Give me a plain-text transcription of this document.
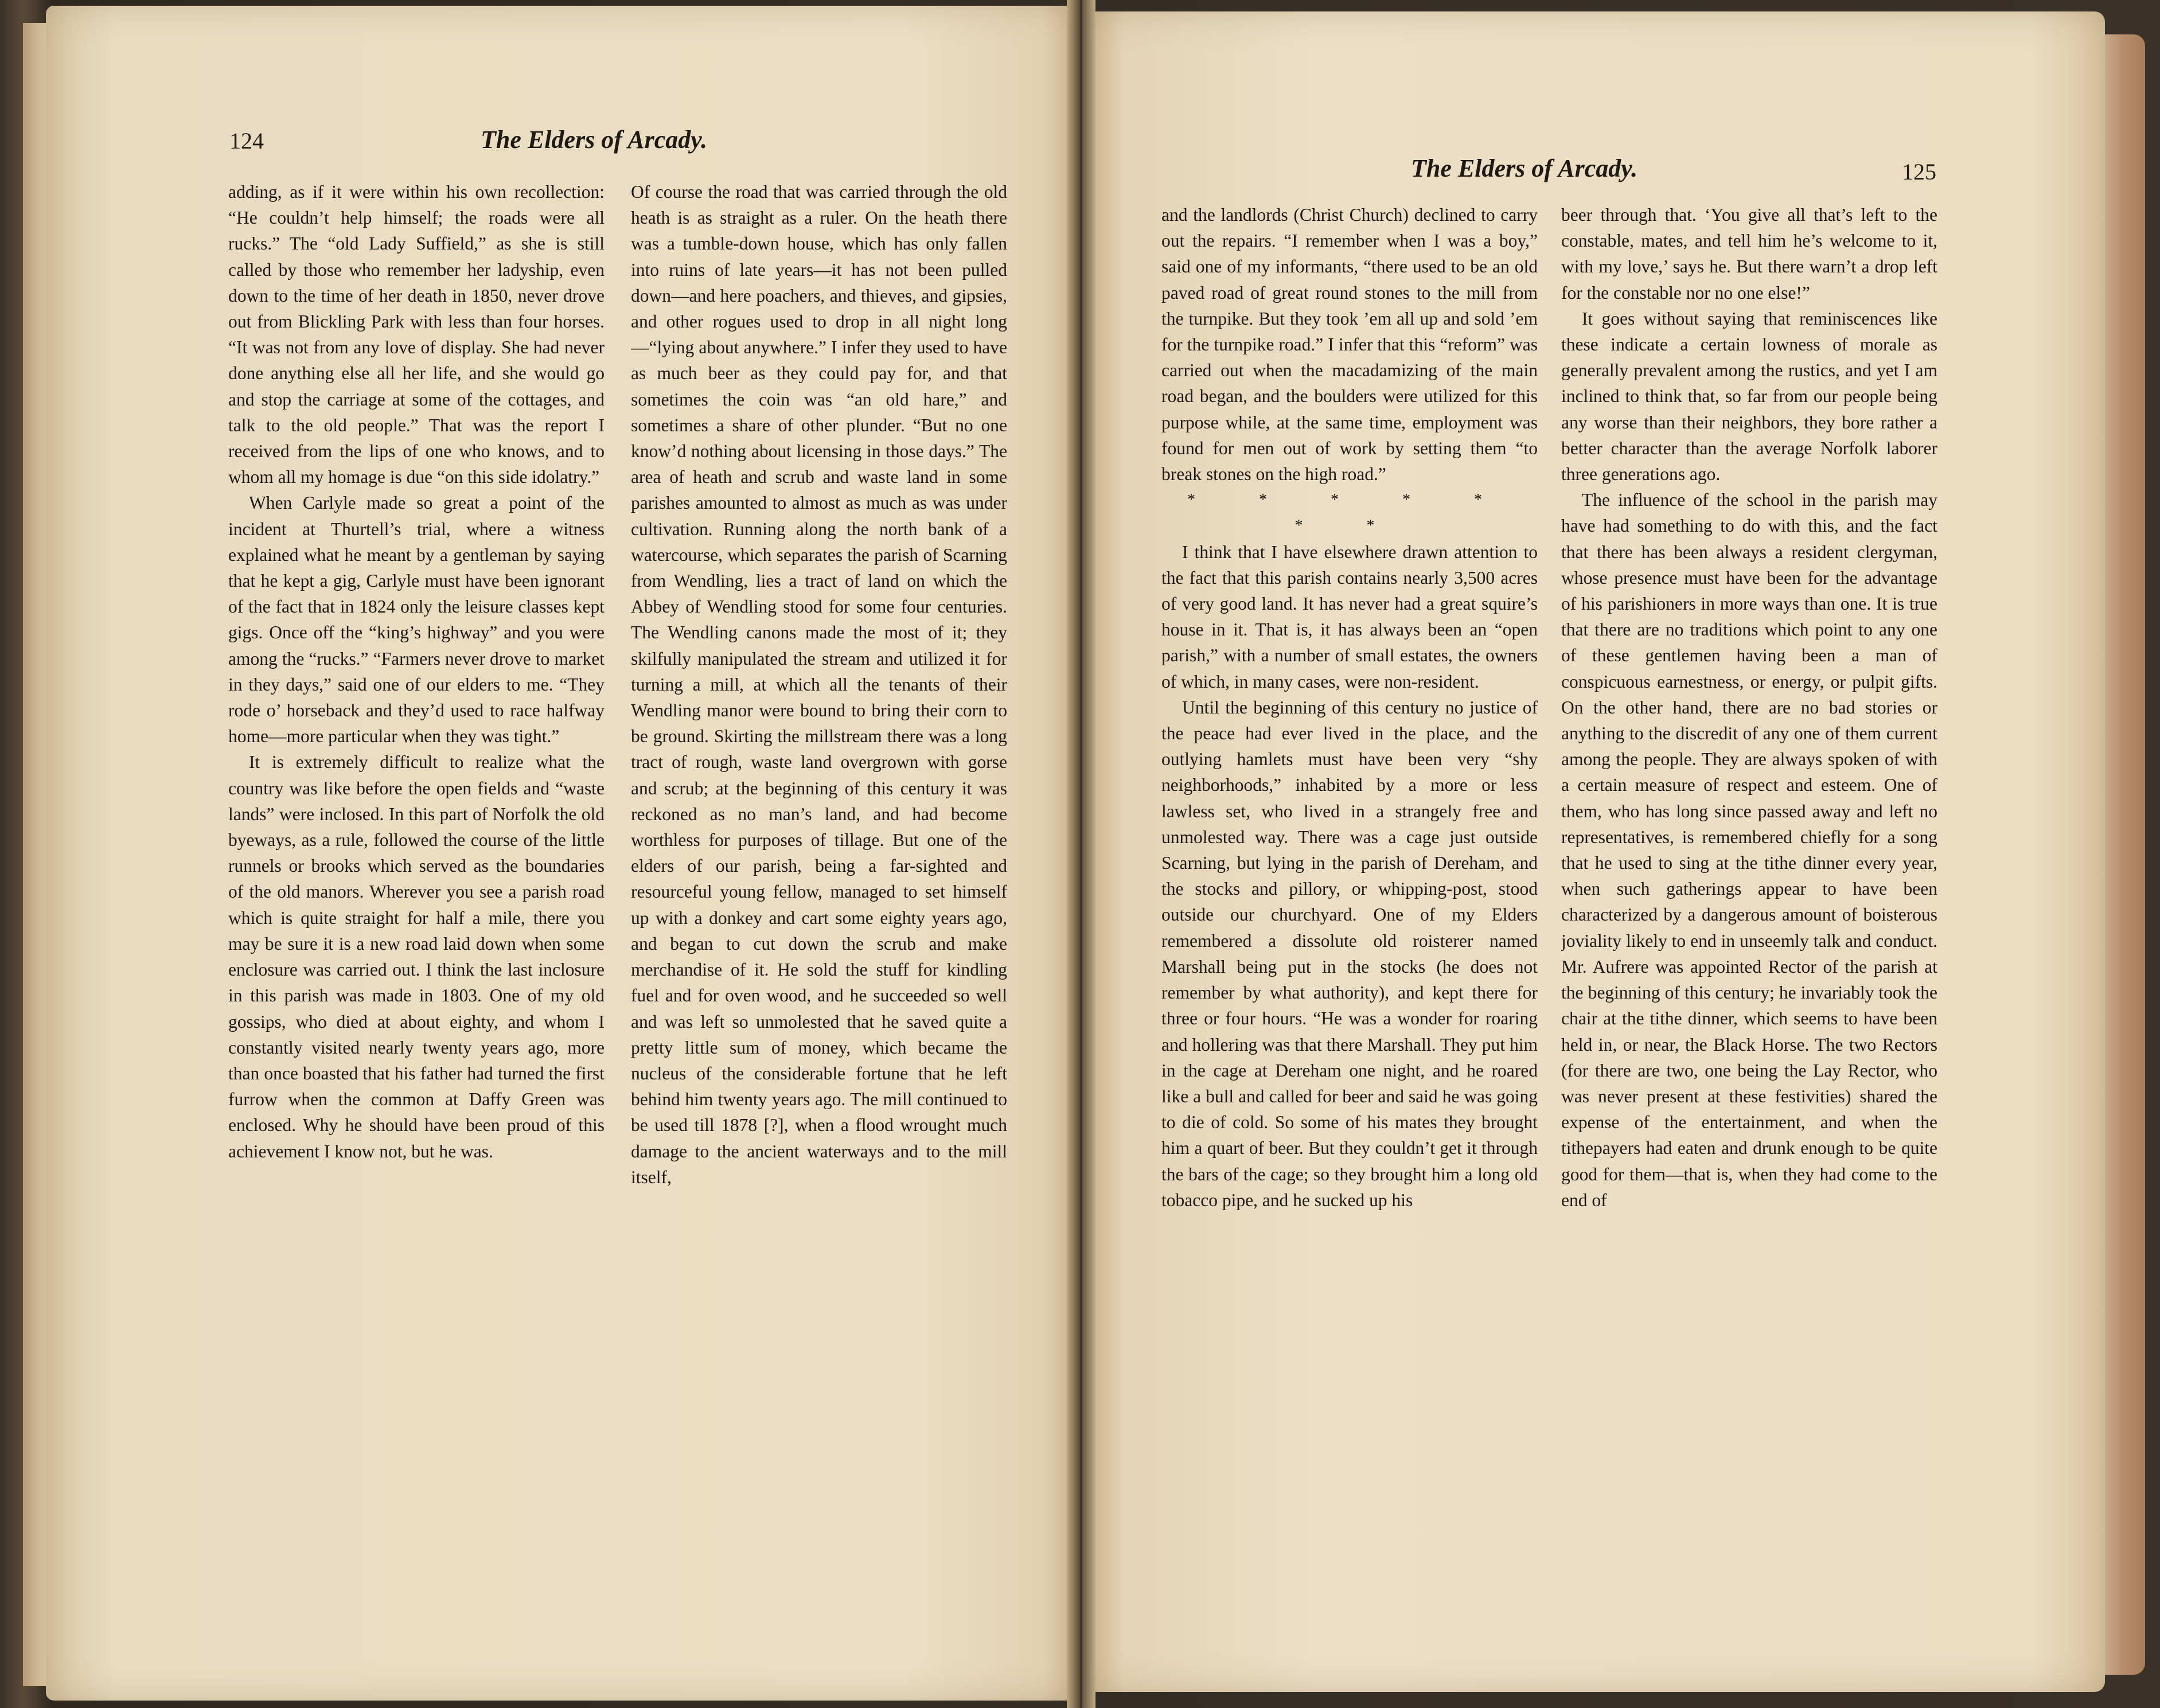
124	The Elders of Arcady.

adding, as if it were within his own recollection: “He couldn’t help himself; the roads were all rucks.” The “old Lady Suffield,” as she is still called by those who remember her ladyship, even down to the time of her death in 1850, never drove out from Blickling Park with less than four horses. “It was not from any love of display. She had never done anything else all her life, and she would go and stop the carriage at some of the cottages, and talk to the old people.” That was the report I received from the lips of one who knows, and to whom all my homage is due “on this side idolatry.”

When Carlyle made so great a point of the incident at Thurtell’s trial, where a witness explained what he meant by a gentleman by saying that he kept a gig, Carlyle must have been ignorant of the fact that in 1824 only the leisure classes kept gigs. Once off the “king’s highway” and you were among the “rucks.” “Farmers never drove to market in they days,” said one of our elders to me. “They rode o’ horseback and they’d used to race halfway home—more particular when they was tight.”

It is extremely difficult to realize what the country was like before the open fields and “waste lands” were inclosed. In this part of Norfolk the old byeways, as a rule, followed the course of the little runnels or brooks which served as the boundaries of the old manors. Wherever you see a parish road which is quite straight for half a mile, there you may be sure it is a new road laid down when some enclosure was carried out. I think the last inclosure in this parish was made in 1803. One of my old gossips, who died at about eighty, and whom I constantly visited nearly twenty years ago, more than once boasted that his father had turned the first furrow when the common at Daffy Green was enclosed. Why he should have been proud of this achievement I know not, but he was.

Of course the road that was carried through the old heath is as straight as a ruler. On the heath there was a tumble-down house, which has only fallen into ruins of late years—it has not been pulled down—and here poachers, and thieves, and gipsies, and other rogues used to drop in all night long—“lying about anywhere.” I infer they used to have as much beer as they could pay for, and that sometimes the coin was “an old hare,” and sometimes a share of other plunder. “But no one know’d nothing about licensing in those days.” The area of heath and scrub and waste land in some parishes amounted to almost as much as was under cultivation. Running along the north bank of a watercourse, which separates the parish of Scarning from Wendling, lies a tract of land on which the Abbey of Wendling stood for some four centuries. The Wendling canons made the most of it; they skilfully manipulated the stream and utilized it for turning a mill, at which all the tenants of their Wendling manor were bound to bring their corn to be ground. Skirting the millstream there was a long tract of rough, waste land overgrown with gorse and scrub; at the beginning of this century it was reckoned as no man’s land, and had become worthless for purposes of tillage. But one of the elders of our parish, being a far-sighted and resourceful young fellow, managed to set himself up with a donkey and cart some eighty years ago, and began to cut down the scrub and make merchandise of it. He sold the stuff for kindling fuel and for oven wood, and he succeeded so well and was left so unmolested that he saved quite a pretty little sum of money, which became the nucleus of the considerable fortune that he left behind him twenty years ago. The mill continued to be used till 1878 [?], when a flood wrought much damage to the ancient waterways and to the mill itself,

The Elders of Arcady.	125

and the landlords (Christ Church) declined to carry out the repairs. “I remember when I was a boy,” said one of my informants, “there used to be an old paved road of great round stones to the mill from the turnpike. But they took ’em all up and sold ’em for the turnpike road.” I infer that this “reform” was carried out when the macadamizing of the main road began, and the boulders were utilized for this purpose while, at the same time, employment was found for men out of work by setting them “to break stones on the high road.”

* * * * * * *

I think that I have elsewhere drawn attention to the fact that this parish contains nearly 3,500 acres of very good land. It has never had a great squire’s house in it. That is, it has always been an “open parish,” with a number of small estates, the owners of which, in many cases, were non-resident.

Until the beginning of this century no justice of the peace had ever lived in the place, and the outlying hamlets must have been very “shy neighborhoods,” inhabited by a more or less lawless set, who lived in a strangely free and unmolested way. There was a cage just outside Scarning, but lying in the parish of Dereham, and the stocks and pillory, or whipping-post, stood outside our churchyard. One of my Elders remembered a dissolute old roisterer named Marshall being put in the stocks (he does not remember by what authority), and kept there for three or four hours. “He was a wonder for roaring and hollering was that there Marshall. They put him in the cage at Dereham one night, and he roared like a bull and called for beer and said he was going to die of cold. So some of his mates they brought him a quart of beer. But they couldn’t get it through the bars of the cage; so they brought him a long old tobacco pipe, and he sucked up his

beer through that. ‘You give all that’s left to the constable, mates, and tell him he’s welcome to it, with my love,’ says he. But there warn’t a drop left for the constable nor no one else!”

It goes without saying that reminiscences like these indicate a certain lowness of morale as generally prevalent among the rustics, and yet I am inclined to think that, so far from our people being any worse than their neighbors, they bore rather a better character than the average Norfolk laborer three generations ago.

The influence of the school in the parish may have had something to do with this, and the fact that there has been always a resident clergyman, whose presence must have been for the advantage of his parishioners in more ways than one. It is true that there are no traditions which point to any one of these gentlemen having been a man of conspicuous earnestness, or energy, or pulpit gifts. On the other hand, there are no bad stories or anything to the discredit of any one of them current among the people. They are always spoken of with a certain measure of respect and esteem. One of them, who has long since passed away and left no representatives, is remembered chiefly for a song that he used to sing at the tithe dinner every year, when such gatherings appear to have been characterized by a dangerous amount of boisterous joviality likely to end in unseemly talk and conduct. Mr. Aufrere was appointed Rector of the parish at the beginning of this century; he invariably took the chair at the tithe dinner, which seems to have been held in, or near, the Black Horse. The two Rectors (for there are two, one being the Lay Rector, who was never present at these festivities) shared the expense of the entertainment, and when the tithepayers had eaten and drunk enough to be quite good for them—that is, when they had come to the end of
